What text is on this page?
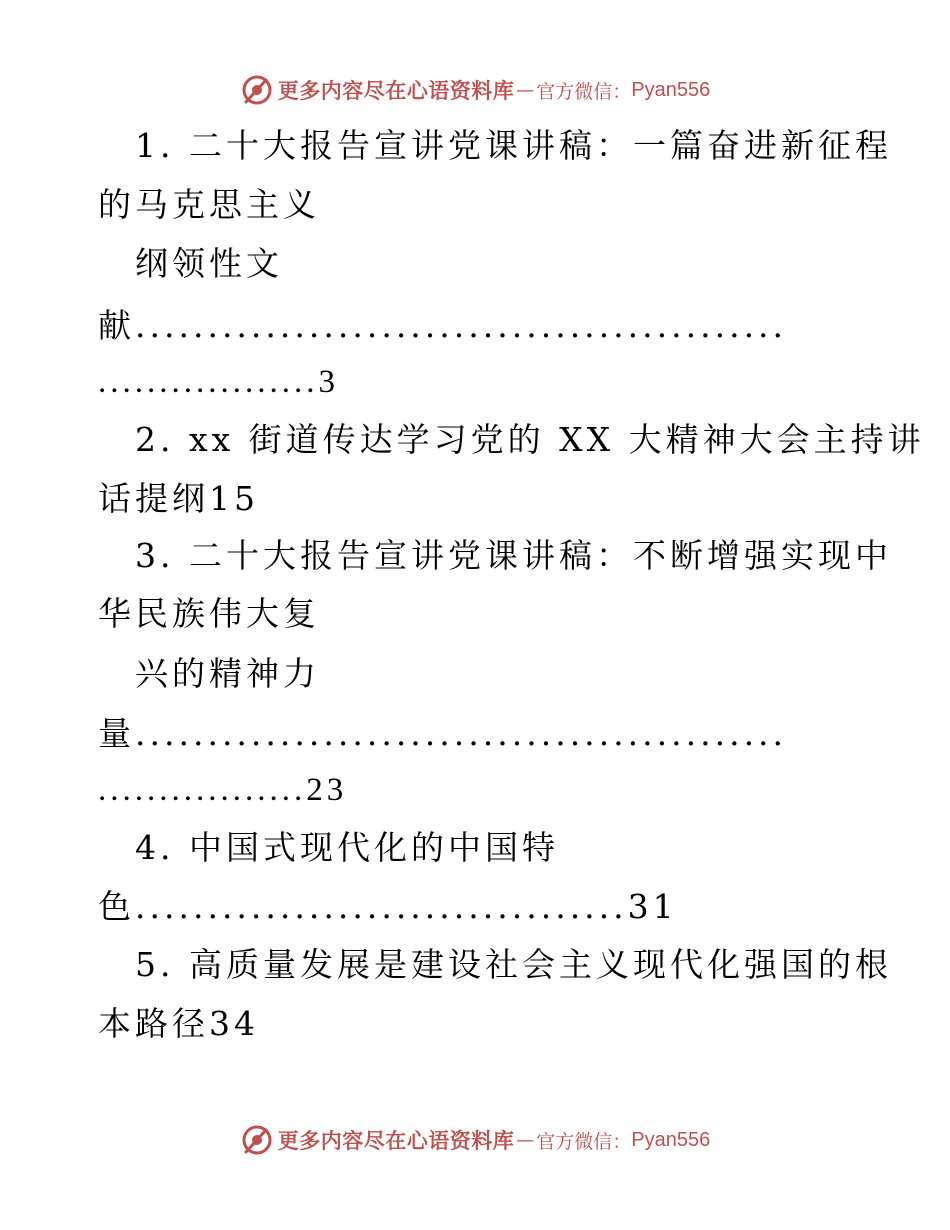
更多内容尽在心语资料库 — 官方微信： Pyan556
1. 二十大报告宣讲党课讲稿：一篇奋进新征程
的马克思主义
纲领性文
献.............................................
..................3
2. xx 街道传达学习党的 XX 大精神大会主持讲
话提纲15
3. 二十大报告宣讲党课讲稿：不断增强实现中
华民族伟大复
兴的精神力
量.............................................
.................23
4. 中国式现代化的中国特
色..................................31
5. 高质量发展是建设社会主义现代化强国的根
本路径34
更多内容尽在心语资料库 — 官方微信： Pyan556
